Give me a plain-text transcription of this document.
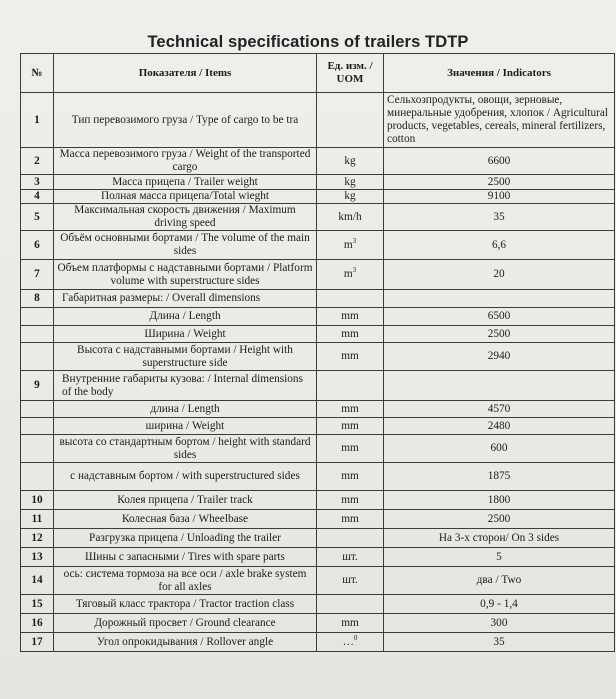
Technical specifications of trailers TDTP
№	Показателя / Items	Ед. изм. / UOM	Значения / Indicators
1	Тип перевозимого груза / Type of cargo to be tra		Сельхозпродукты, овощи, зерновые, минеральные удобрения, хлопок / Agricultural products, vegetables, cereals, mineral fertilizers, cotton
2	Масса перевозимого груза / Weight of the transported cargo	kg	6600
3	Масса прицепа / Trailer weight	kg	2500
4	Полная масса прицепа/Total wieght	kg	9100
5	Максимальная скорость движения / Maximum driving speed	km/h	35
6	Объём основными бортами / The volume of the main sides	$m^3$	6,6
7	Объем платформы с надставными бортами / Platform volume with superstructure sides	$m^3$	20
8	Габаритная размеры: / Overall dimensions		
	Длина / Length	mm	6500
	Ширина / Weight	mm	2500
	Высота с надставными бортами / Height with superstructure side	mm	2940
9	Внутренние габариты кузова: / Internal dimensions of the body		
	длина / Length	mm	4570
	ширина / Weight	mm	2480
	высота со стандартным бортом / height with standard sides	mm	600
	с надставным бортом / with superstructured sides	mm	1875
10	Колея прицепа / Trailer track	mm	1800
11	Колесная база / Wheelbase	mm	2500
12	Разгрузка прицепа / Unloading the trailer		На 3-х сторон/ On 3 sides
13	Шины с запасными / Tires with spare parts	шт.	5
14	ось: система тормоза на все оси / axle brake system for all axles	шт.	два / Two
15	Тяговый класс трактора / Tractor traction class		0,9 - 1,4
16	Дорожный просвет / Ground clearance	mm	300
17	Угол опрокидывания / Rollover angle	…$^0$	35
